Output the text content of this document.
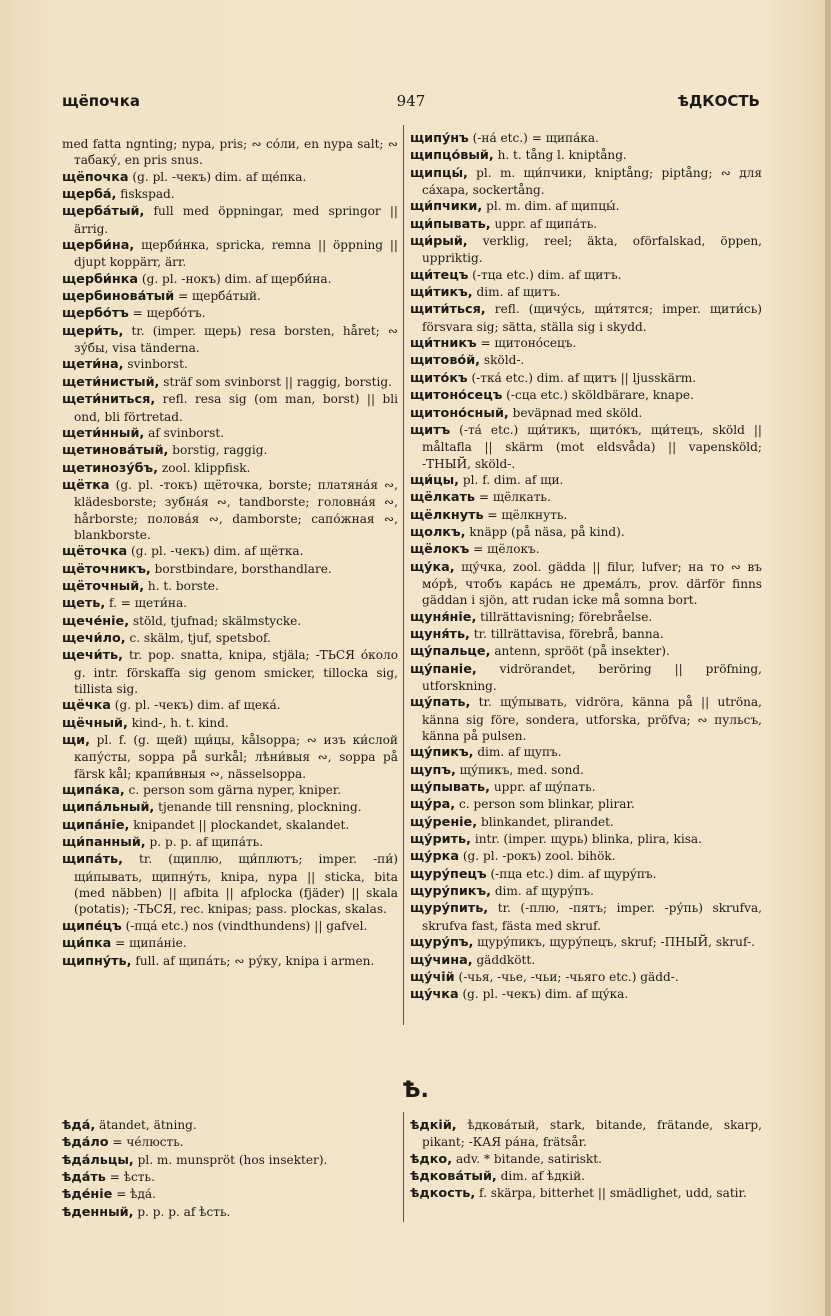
щёпочка	947	ѣДКОСТЬ

med fatta ngnting; nypa, pris; ∾ со́ли, en nypa salt; ∾ табаку́, en pris snus.

щёпочка (g. pl. -чекъ) dim. af ще́пка.

щерба́, fiskspad.

щерба́тый, full med öppningar, med springor || ärrig.

щерби́на, щерби́нка, spricka, remna || öppning || djupt koppärr, ärr.

щерби́нка (g. pl. -нокъ) dim. af щерби́на.

щербинова́тый = щерба́тый.

щербо́тъ = щербо́тъ.

щери́ть, tr. (imper. щерь) resa borsten, håret; ∾ зу́бы, visa tänderna.

щети́на, svinborst.

щети́нистый, sträf som svinborst || raggig, borstig.

щети́ниться, refl. resa sig (om man, borst) || bli ond, bli förtretad.

щети́нный, af svinborst.

щетинова́тый, borstig, raggig.

щетинозу́бъ, zool. klippfisk.

щётка (g. pl. -токъ) щёточка, borste; платяна́я ∾, klädesborste; зубна́я ∾, tandborste; головна́я ∾, hårborste; полова́я ∾, damborste; сапо́жная ∾, blankborste.

щёточка (g. pl. -чекъ) dim. af щётка.

щёточникъ, borstbindare, borsthandlare.

щёточный, h. t. borste.

щеть, f. = щети́на.

щече́ніе, stöld, tjufnad; skälmstycke.

щечи́ло, c. skälm, tjuf, spetsbof.

щечи́ть, tr. pop. snatta, knipa, stjäla; -ТЬСЯ о́коло g. intr. förskaffa sig genom smicker, tillocka sig, tillista sig.

щёчка (g. pl. -чекъ) dim. af щека́.

щёчный, kind-, h. t. kind.

щи, pl. f. (g. щей) щи́цы, kålsoppa; ∾ изъ ки́слой капу́сты, soppa på surkål; лѣни́выя ∾, soppa på färsk kål; крапи́вныя ∾, nässelsoppa.

щипа́ка, c. person som gärna nyper, kniper.

щипа́льный, tjenande till rensning, plockning.

щипа́ніе, knipandet || plockandet, skalandet.

щи́панный, p. p. p. af щипа́ть.

щипа́ть, tr. (щиплю, щи́плютъ; imper. -пи́) щи́пывать, щипну́ть, knipa, nypa || sticka, bita (med näbben) || afbita || afplocka (fjäder) || skala (potatis); -ТЬСЯ, rec. knipas; pass. plockas, skalas.

щипе́цъ (-пца́ etc.) nos (vindthundens) || gafvel.

щи́пка = щипа́ніе.

щипну́ть, full. af щипа́ть; ∾ ру́ку, knipa i armen.

щипу́нъ (-на́ etc.) = щипа́ка.

щипцо́вый, h. t. tång l. kniptång.

щипцы́, pl. m. щи́пчики, kniptång; piptång; ∾ для са́хара, sockertång.

щи́пчики, pl. m. dim. af щипцы́.

щи́пывать, uppr. af щипа́ть.

щи́рый, verklig, reel; äkta, oförfalskad, öppen, uppriktig.

щи́тецъ (-тца etc.) dim. af щитъ.

щи́тикъ, dim. af щитъ.

щити́ться, refl. (щичу́сь, щи́тятся; imper. щити́сь) försvara sig; sätta, ställa sig i skydd.

щи́тникъ = щитоно́сецъ.

щитово́й, sköld-.

щито́къ (-тка́ etc.) dim. af щитъ || ljusskärm.

щитоно́сецъ (-сца etc.) sköldbärare, knape.

щитоно́сный, beväpnad med sköld.

щитъ (-та́ etc.) щи́тикъ, щито́къ, щи́тецъ, sköld || måltafla || skärm (mot eldsvåda) || vapensköld; -ТНЫЙ, sköld-.

щи́цы, pl. f. dim. af щи.

щёлкать = щёлкать.

щёлкнуть = щёлкнуть.

щолкъ, knäpp (på näsa, på kind).

щёлокъ = щёлокъ.

щу́ка, щу́чка, zool. gädda || filur, lufver; на то ∾ въ мо́рѣ, чтобъ кара́сь не дрема́лъ, prov. därför finns gäddan i sjön, att rudan icke må somna bort.

щуня́ніе, tillrättavisning; förebråelse.

щуня́ть, tr. tillrättavisa, förebrå, banna.

щу́пальце, antenn, sprööt (på insekter).

щу́паніе, vidrörandet, beröring || pröfning, utforskning.

щу́пать, tr. щу́пывать, vidröra, känna på || utröna, känna sig före, sondera, utforska, pröfva; ∾ пульсъ, känna på pulsen.

щу́пикъ, dim. af щупъ.

щупъ, щу́пикъ, med. sond.

щу́пывать, uppr. af щу́пать.

щу́ра, c. person som blinkar, plirar.

щу́реніе, blinkandet, plirandet.

щу́рить, intr. (imper. щурь) blinka, plira, kisa.

щу́рка (g. pl. -рокъ) zool. bihök.

щуру́пецъ (-пца etc.) dim. af щуру́пъ.

щуру́пикъ, dim. af щуру́пъ.

щуру́пить, tr. (-плю, -пятъ; imper. -ру́пь) skrufva, skrufva fast, fästa med skruf.

щуру́пъ, щуру́пикъ, щуру́пецъ, skruf; -ПНЫЙ, skruf-.

щу́чина, gäddkött.

щу́чій (-чья, -чье, -чьи; -чьяго etc.) gädd-.

щу́чка (g. pl. -чекъ) dim. af щу́ка.

Ѣ.

ѣда́, ätandet, ätning.

ѣда́ло = че́люсть.

ѣда́льцы, pl. m. munspröt (hos insekter).

ѣда́ть = ѣсть.

ѣде́ніе = ѣда́.

ѣденный, p. p. p. af ѣсть.

ѣдкій, ѣдкова́тый, stark, bitande, frätande, skarp, pikant; -КАЯ ра́на, frätsår.

ѣдко, adv. * bitande, satiriskt.

ѣдкова́тый, dim. af ѣдкій.

ѣдкость, f. skärpa, bitterhet || smädlighet, udd, satir.
